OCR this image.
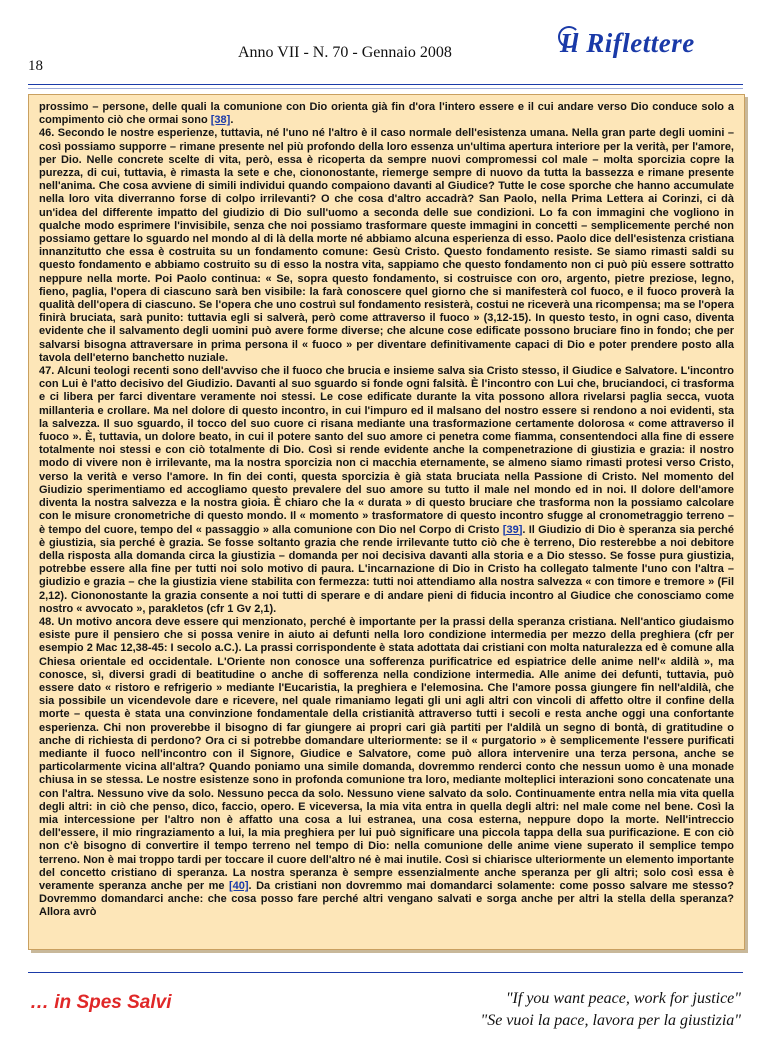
18
Anno VII - N. 70 - Gennaio 2008	Il Riflettere

prossimo – persone, delle quali la comunione con Dio orienta già fin d'ora l'intero essere e il cui andare verso Dio conduce solo a compimento ciò che ormai sono [38].

46. Secondo le nostre esperienze, tuttavia, né l'uno né l'altro è il caso normale dell'esistenza umana. Nella gran parte degli uomini – così possiamo supporre – rimane presente nel più profondo della loro essenza un'ultima apertura interiore per la verità, per l'amore, per Dio. Nelle concrete scelte di vita, però, essa è ricoperta da sempre nuovi compromessi col male – molta sporcizia copre la purezza, di cui, tuttavia, è rimasta la sete e che, ciononostante, riemerge sempre di nuovo da tutta la bassezza e rimane presente nell'anima. Che cosa avviene di simili individui quando compaiono davanti al Giudice? Tutte le cose sporche che hanno accumulate nella loro vita diverranno forse di colpo irrilevanti? O che cosa d'altro accadrà? San Paolo, nella Prima Lettera ai Corinzi, ci dà un'idea del differente impatto del giudizio di Dio sull'uomo a seconda delle sue condizioni. Lo fa con immagini che vogliono in qualche modo esprimere l'invisibile, senza che noi possiamo trasformare queste immagini in concetti – semplicemente perché non possiamo gettare lo sguardo nel mondo al di là della morte né abbiamo alcuna esperienza di esso. Paolo dice dell'esistenza cristiana innanzitutto che essa è costruita su un fondamento comune: Gesù Cristo. Questo fondamento resiste. Se siamo rimasti saldi su questo fondamento e abbiamo costruito su di esso la nostra vita, sappiamo che questo fondamento non ci può più essere sottratto neppure nella morte. Poi Paolo continua: « Se, sopra questo fondamento, si costruisce con oro, argento, pietre preziose, legno, fieno, paglia, l'opera di ciascuno sarà ben visibile: la farà conoscere quel giorno che si manifesterà col fuoco, e il fuoco proverà la qualità dell'opera di ciascuno. Se l'opera che uno costruì sul fondamento resisterà, costui ne riceverà una ricompensa; ma se l'opera finirà bruciata, sarà punito: tuttavia egli si salverà, però come attraverso il fuoco » (3,12-15). In questo testo, in ogni caso, diventa evidente che il salvamento degli uomini può avere forme diverse; che alcune cose edificate possono bruciare fino in fondo; che per salvarsi bisogna attraversare in prima persona il « fuoco » per diventare definitivamente capaci di Dio e poter prendere posto alla tavola dell'eterno banchetto nuziale.

47. Alcuni teologi recenti sono dell'avviso che il fuoco che brucia e insieme salva sia Cristo stesso, il Giudice e Salvatore. L'incontro con Lui è l'atto decisivo del Giudizio. Davanti al suo sguardo si fonde ogni falsità. È l'incontro con Lui che, bruciandoci, ci trasforma e ci libera per farci diventare veramente noi stessi. Le cose edificate durante la vita possono allora rivelarsi paglia secca, vuota millanteria e crollare. Ma nel dolore di questo incontro, in cui l'impuro ed il malsano del nostro essere si rendono a noi evidenti, sta la salvezza. Il suo sguardo, il tocco del suo cuore ci risana mediante una trasformazione certamente dolorosa « come attraverso il fuoco ». È, tuttavia, un dolore beato, in cui il potere santo del suo amore ci penetra come fiamma, consentendoci alla fine di essere totalmente noi stessi e con ciò totalmente di Dio. Così si rende evidente anche la compenetrazione di giustizia e grazia: il nostro modo di vivere non è irrilevante, ma la nostra sporcizia non ci macchia eternamente, se almeno siamo rimasti protesi verso Cristo, verso la verità e verso l'amore. In fin dei conti, questa sporcizia è già stata bruciata nella Passione di Cristo. Nel momento del Giudizio sperimentiamo ed accogliamo questo prevalere del suo amore su tutto il male nel mondo ed in noi. Il dolore dell'amore diventa la nostra salvezza e la nostra gioia. È chiaro che la « durata » di questo bruciare che trasforma non la possiamo calcolare con le misure cronometriche di questo mondo. Il « momento » trasformatore di questo incontro sfugge al cronometraggio terreno – è tempo del cuore, tempo del « passaggio » alla comunione con Dio nel Corpo di Cristo [39]. Il Giudizio di Dio è speranza sia perché è giustizia, sia perché è grazia. Se fosse soltanto grazia che rende irrilevante tutto ciò che è terreno, Dio resterebbe a noi debitore della risposta alla domanda circa la giustizia – domanda per noi decisiva davanti alla storia e a Dio stesso. Se fosse pura giustizia, potrebbe essere alla fine per tutti noi solo motivo di paura. L'incarnazione di Dio in Cristo ha collegato talmente l'uno con l'altra – giudizio e grazia – che la giustizia viene stabilita con fermezza: tutti noi attendiamo alla nostra salvezza « con timore e tremore » (Fil 2,12). Ciononostante la grazia consente a noi tutti di sperare e di andare pieni di fiducia incontro al Giudice che conosciamo come nostro « avvocato », parakletos (cfr 1 Gv 2,1).

48. Un motivo ancora deve essere qui menzionato, perché è importante per la prassi della speranza cristiana. Nell'antico giudaismo esiste pure il pensiero che si possa venire in aiuto ai defunti nella loro condizione intermedia per mezzo della preghiera (cfr per esempio 2 Mac 12,38-45: I secolo a.C.). La prassi corrispondente è stata adottata dai cristiani con molta naturalezza ed è comune alla Chiesa orientale ed occidentale. L'Oriente non conosce una sofferenza purificatrice ed espiatrice delle anime nell'« aldilà », ma conosce, sì, diversi gradi di beatitudine o anche di sofferenza nella condizione intermedia. Alle anime dei defunti, tuttavia, può essere dato « ristoro e refrigerio » mediante l'Eucaristia, la preghiera e l'elemosina. Che l'amore possa giungere fin nell'aldilà, che sia possibile un vicendevole dare e ricevere, nel quale rimaniamo legati gli uni agli altri con vincoli di affetto oltre il confine della morte – questa è stata una convinzione fondamentale della cristianità attraverso tutti i secoli e resta anche oggi una confortante esperienza. Chi non proverebbe il bisogno di far giungere ai propri cari già partiti per l'aldilà un segno di bontà, di gratitudine o anche di richiesta di perdono? Ora ci si potrebbe domandare ulteriormente: se il « purgatorio » è semplicemente l'essere purificati mediante il fuoco nell'incontro con il Signore, Giudice e Salvatore, come può allora intervenire una terza persona, anche se particolarmente vicina all'altra? Quando poniamo una simile domanda, dovremmo renderci conto che nessun uomo è una monade chiusa in se stessa. Le nostre esistenze sono in profonda comunione tra loro, mediante molteplici interazioni sono concatenate una con l'altra. Nessuno vive da solo. Nessuno pecca da solo. Nessuno viene salvato da solo. Continuamente entra nella mia vita quella degli altri: in ciò che penso, dico, faccio, opero. E viceversa, la mia vita entra in quella degli altri: nel male come nel bene. Così la mia intercessione per l'altro non è affatto una cosa a lui estranea, una cosa esterna, neppure dopo la morte. Nell'intreccio dell'essere, il mio ringraziamento a lui, la mia preghiera per lui può significare una piccola tappa della sua purificazione. E con ciò non c'è bisogno di convertire il tempo terreno nel tempo di Dio: nella comunione delle anime viene superato il semplice tempo terreno. Non è mai troppo tardi per toccare il cuore dell'altro né è mai inutile. Così si chiarisce ulteriormente un elemento importante del concetto cristiano di speranza. La nostra speranza è sempre essenzialmente anche speranza per gli altri; solo così essa è veramente speranza anche per me [40]. Da cristiani non dovremmo mai domandarci solamente: come posso salvare me stesso? Dovremmo domandarci anche: che cosa posso fare perché altri vengano salvati e sorga anche per altri la stella della speranza? Allora avrò

… in Spes Salvi	"If you want peace, work for justice"
"Se vuoi la pace, lavora per la giustizia"
